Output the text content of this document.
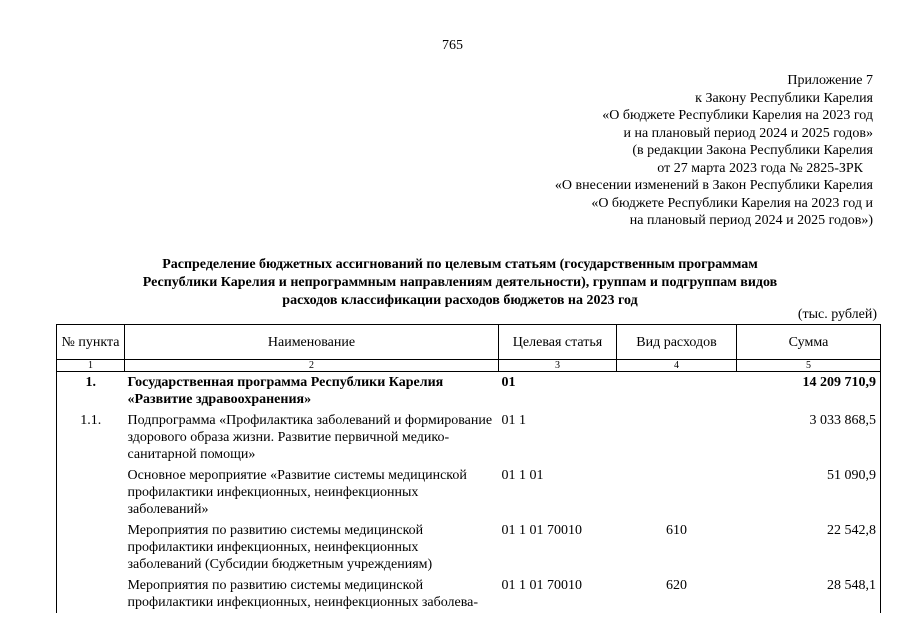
765
Приложение 7
к Закону Республики Карелия
«О бюджете Республики Карелия на 2023 год
и на плановый период 2024 и 2025 годов»
(в редакции Закона Республики Карелия
от 27 марта 2023 года № 2825-ЗРК
«О внесении изменений в Закон Республики Карелия
«О бюджете Республики Карелия на 2023 год и
на плановый период 2024 и 2025 годов»)
Распределение бюджетных ассигнований по целевым статьям (государственным программам
Республики Карелия и непрограммным направлениям деятельности), группам и подгруппам видов
расходов классификации расходов бюджетов на 2023 год
(тыс. рублей)
№ пункта	Наименование	Целевая статья	Вид расходов	Сумма
1	2	3	4	5
1.	Государственная программа Республики Карелия «Развитие здравоохранения»	01		14 209 710,9
1.1.	Подпрограмма «Профилактика заболеваний и формирование здорового образа жизни. Развитие первичной медико-санитарной помощи»	01 1		3 033 868,5
	Основное мероприятие «Развитие системы медицинской профилактики инфекционных, неинфекционных заболеваний»	01 1 01		51 090,9
	Мероприятия по развитию системы медицинской профилактики инфекционных, неинфекционных заболеваний (Субсидии бюджетным учреждениям)	01 1 01 70010	610	22 542,8
	Мероприятия по развитию системы медицинской профилактики инфекционных, неинфекционных заболева-	01 1 01 70010	620	28 548,1
